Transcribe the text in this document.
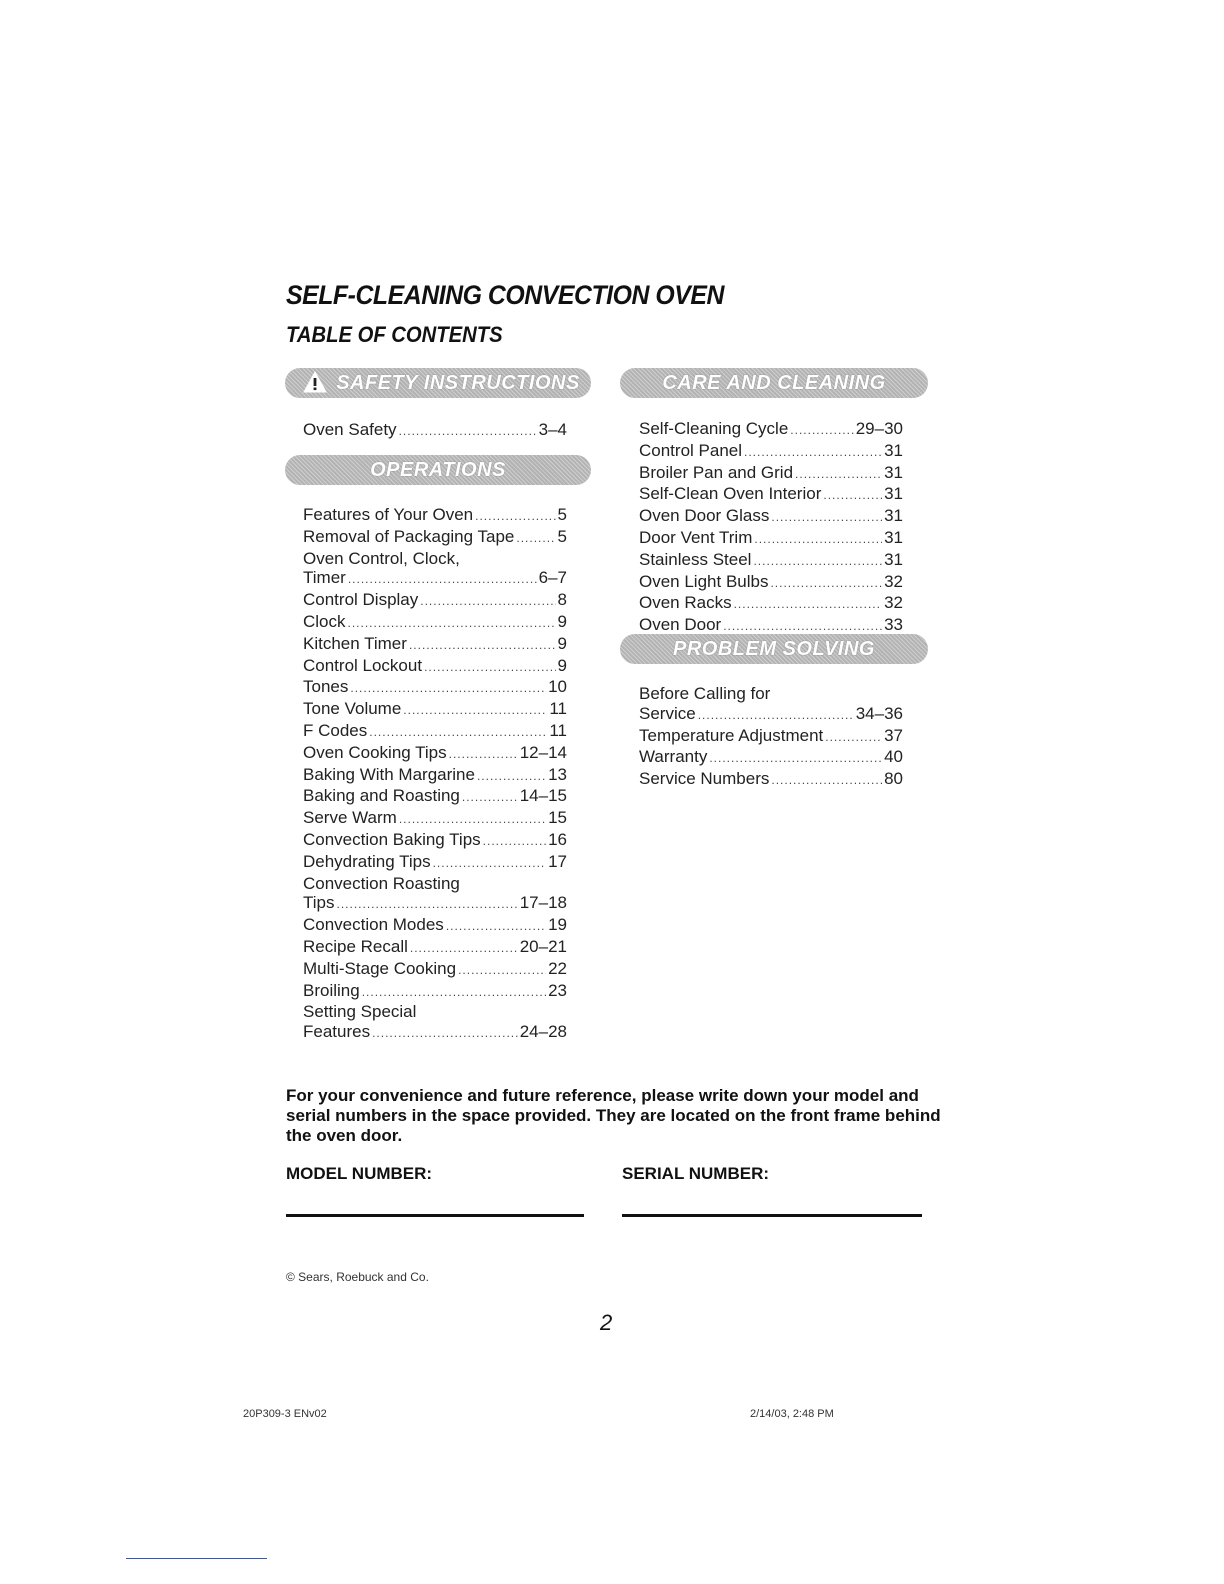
SELF-CLEANING CONVECTION OVEN
TABLE OF CONTENTS
SAFETY INSTRUCTIONS
OPERATIONS
CARE AND CLEANING
PROBLEM SOLVING
Oven Safety .....	3–4
Features of Your Oven .....	5
Removal of Packaging Tape .....	5
Oven Control, Clock,
Timer .....	6–7
Control Display .....	8
Clock .....	9
Kitchen Timer .....	9
Control Lockout .....	9
Tones .....	10
Tone Volume .....	11
F Codes .....	11
Oven Cooking Tips .....	12–14
Baking With Margarine .....	13
Baking and Roasting .....	14–15
Serve Warm .....	15
Convection Baking Tips .....	16
Dehydrating Tips .....	17
Convection Roasting
Tips .....	17–18
Convection Modes .....	19
Recipe Recall .....	20–21
Multi-Stage Cooking .....	22
Broiling .....	23
Setting Special
Features .....	24–28
Self-Cleaning Cycle .....	29–30
Control Panel .....	31
Broiler Pan and Grid .....	31
Self-Clean Oven Interior .....	31
Oven Door Glass .....	31
Door Vent Trim .....	31
Stainless Steel .....	31
Oven Light Bulbs .....	32
Oven Racks .....	32
Oven Door .....	33
Before Calling for
Service .....	34–36
Temperature Adjustment .....	37
Warranty .....	40
Service Numbers .....	80
For your convenience and future reference, please write down your model and serial numbers in the space provided. They are located on the front frame behind the oven door.
MODEL NUMBER:	SERIAL NUMBER:
© Sears, Roebuck and Co.
2
20P309-3 ENv02	2/14/03, 2:48 PM
